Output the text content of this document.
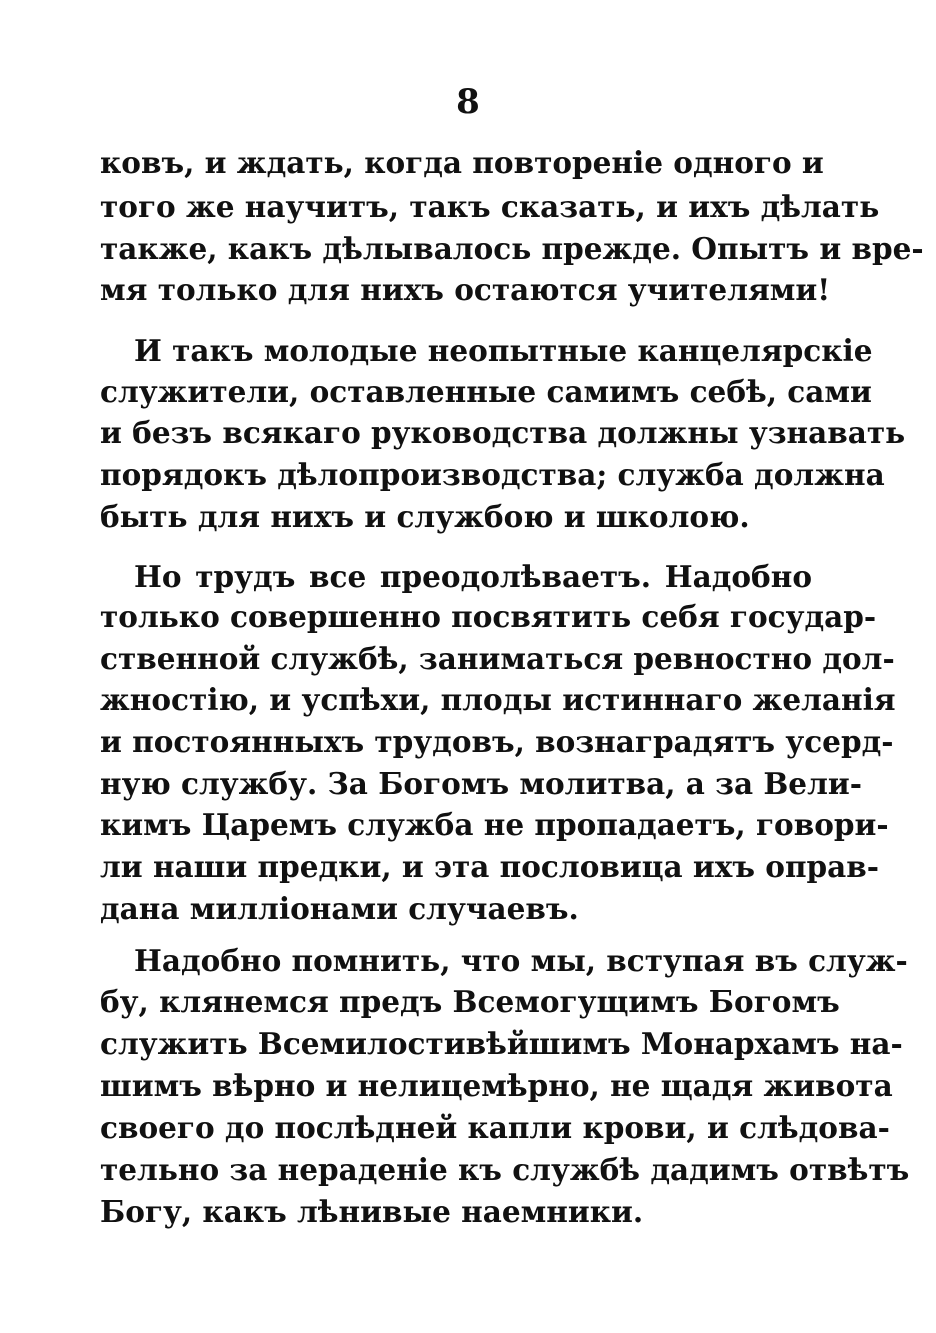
8
ковъ, и ждать, когда повторенiе одного и
того же научитъ, такъ сказать, и ихъ дѣлать
также, какъ дѣлывалось прежде. Опытъ и вре-
мя только для нихъ остаются учителями!
И такъ молодые неопытные канцелярскiе
служители, оставленные самимъ себѣ, сами
и безъ всякаго руководства должны узнавать
порядокъ дѣлопроизводства; служба должна
быть для нихъ и службою и школою.
Но трудъ все преодолѣваетъ. Надобно
только совершенно посвятить себя государ-
ственной службѣ, заниматься ревностно дол-
жностiю, и успѣхи, плоды истиннаго желанiя
и постоянныхъ трудовъ, вознаградятъ усерд-
ную службу. За Богомъ молитва, а за Вели-
кимъ Царемъ служба не пропадаетъ, говори-
ли наши предки, и эта пословица ихъ оправ-
дана миллiонами случаевъ.
Надобно помнить, что мы, вступая въ служ-
бу, клянемся предъ Всемогущимъ Богомъ
служить Всемилостивѣйшимъ Монархамъ на-
шимъ вѣрно и нелицемѣрно, не щадя живота
своего до послѣдней капли крови, и слѣдова-
тельно за нераденiе къ службѣ дадимъ отвѣтъ
Богу, какъ лѣнивые наемники.
